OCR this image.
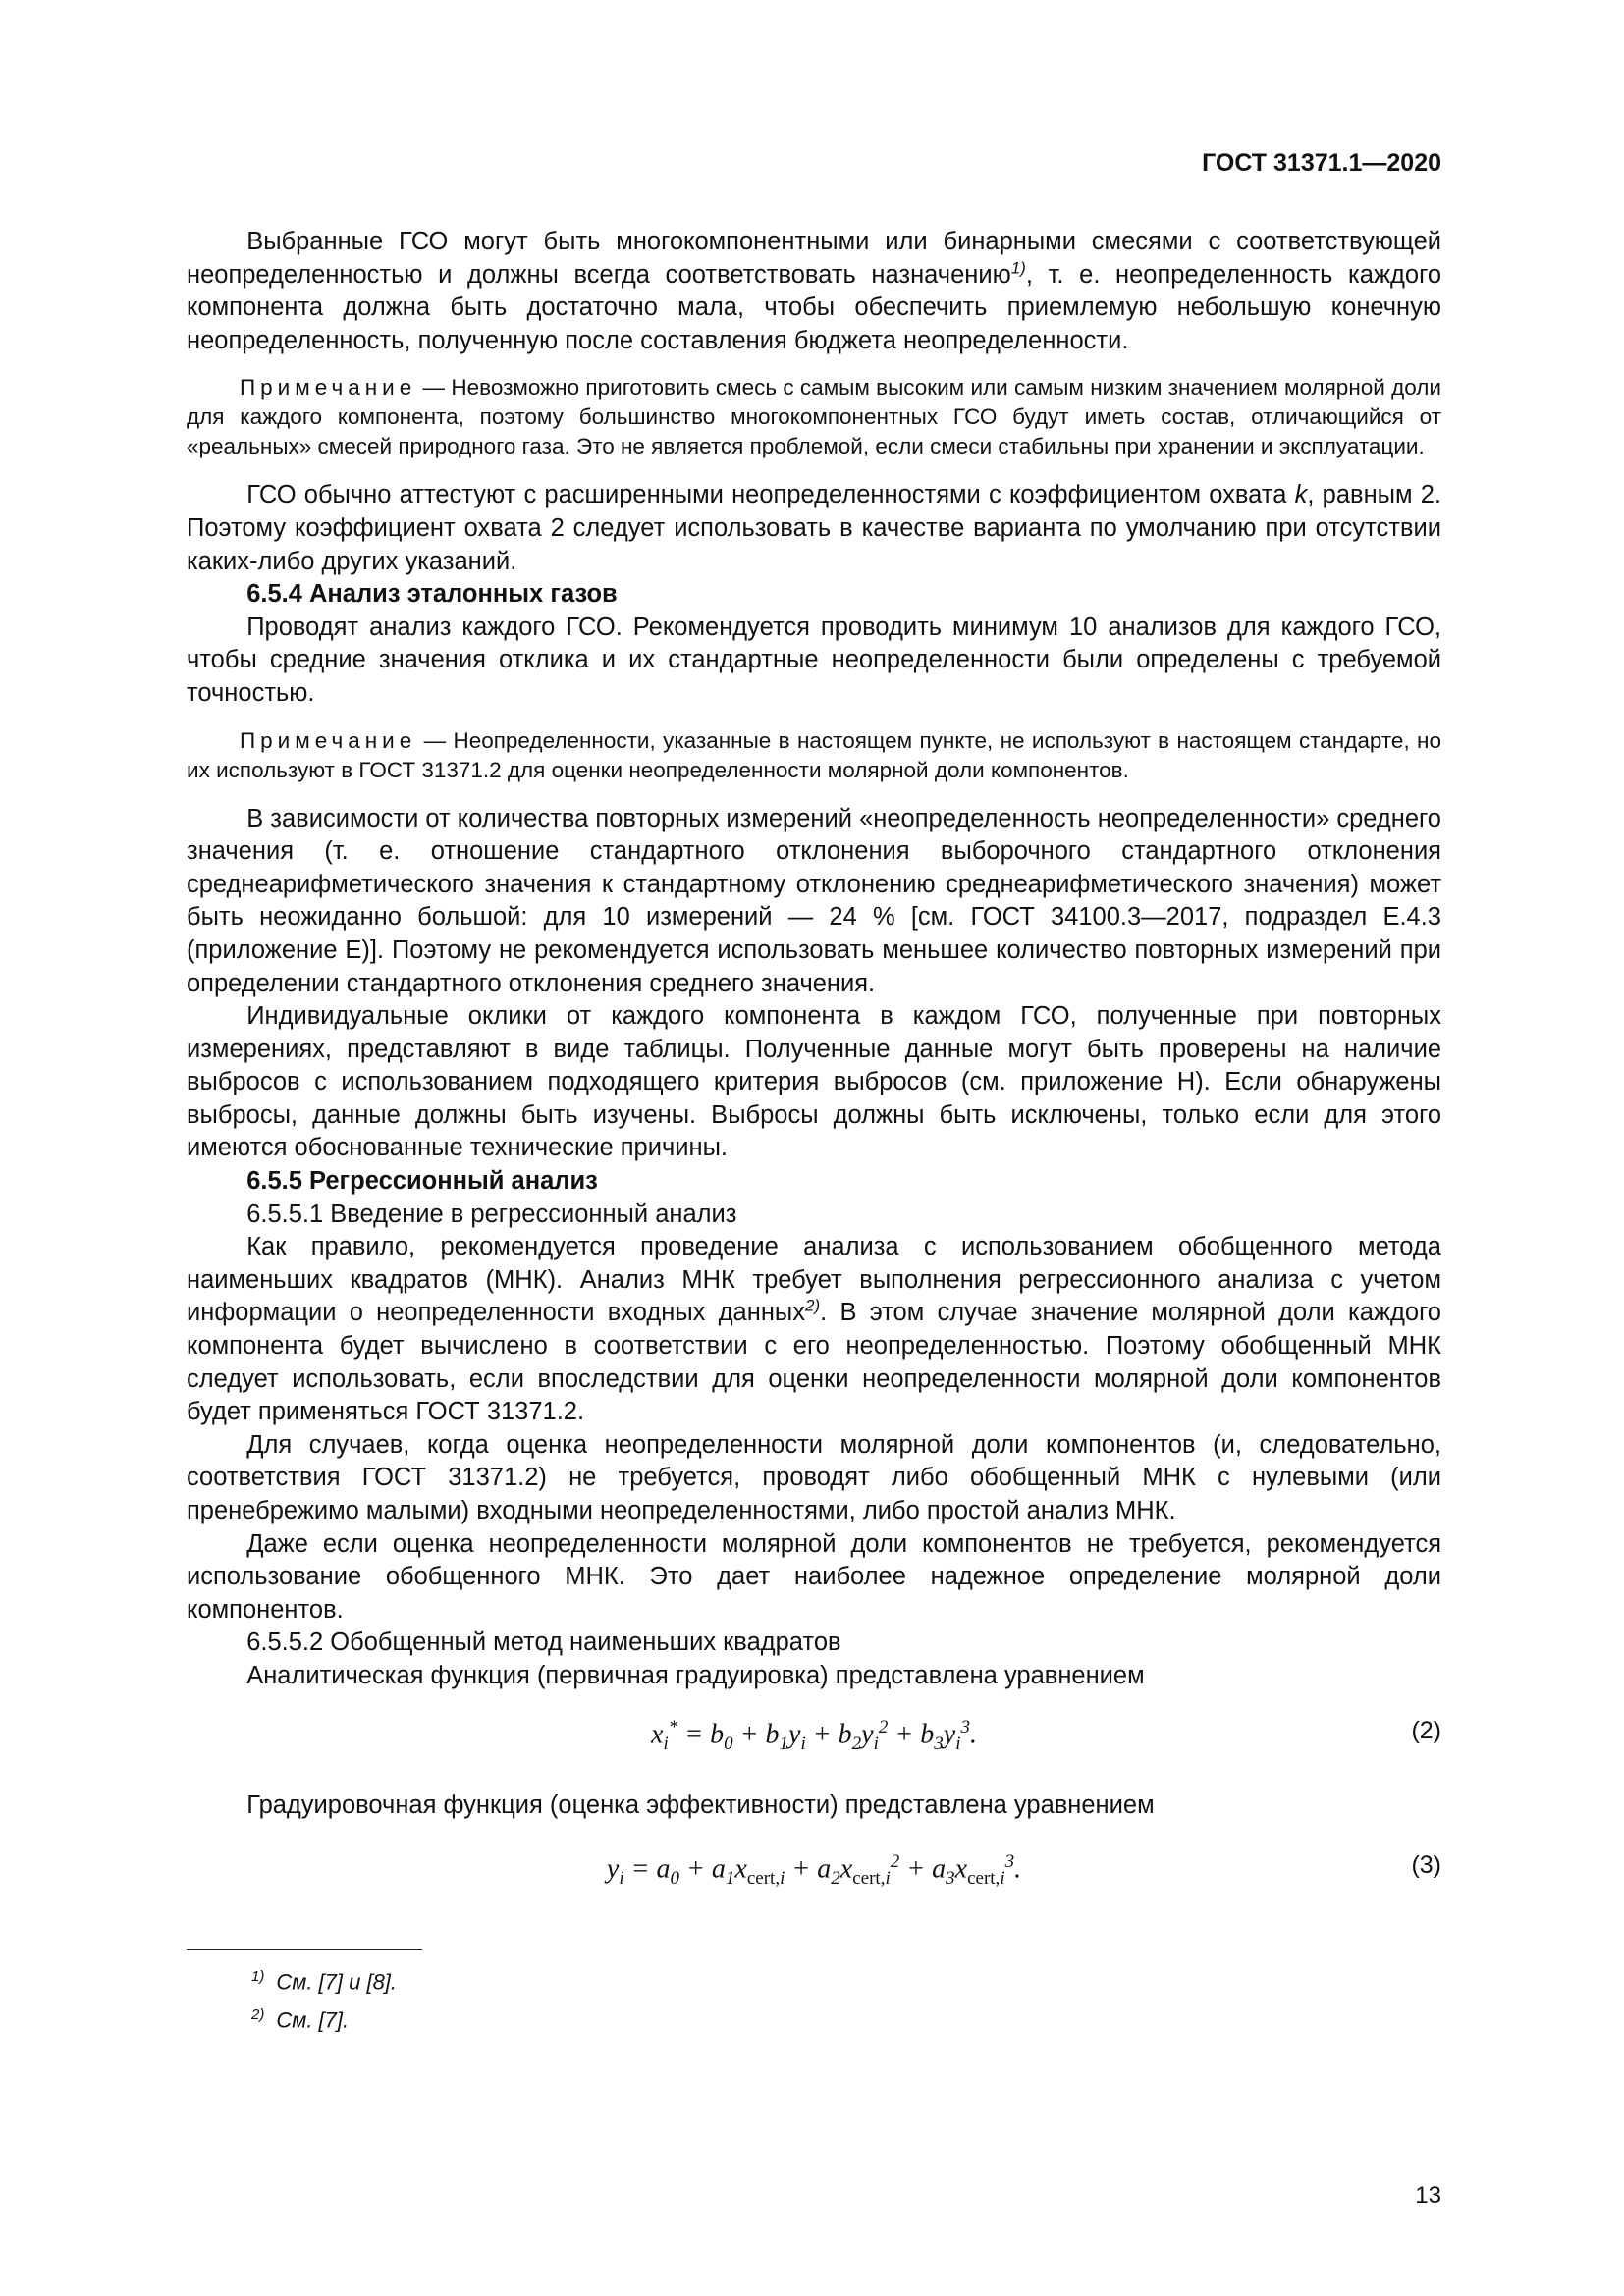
ГОСТ 31371.1—2020

Выбранные ГСО могут быть многокомпонентными или бинарными смесями с соответствующей неопределенностью и должны всегда соответствовать назначению$^{1)}$, т. е. неопределенность каждого компонента должна быть достаточно мала, чтобы обеспечить приемлемую небольшую конечную неопределенность, полученную после составления бюджета неопределенности.

Примечание — Невозможно приготовить смесь с самым высоким или самым низким значением молярной доли для каждого компонента, поэтому большинство многокомпонентных ГСО будут иметь состав, отличающийся от «реальных» смесей природного газа. Это не является проблемой, если смеси стабильны при хранении и эксплуатации.

ГСО обычно аттестуют с расширенными неопределенностями с коэффициентом охвата k, равным 2. Поэтому коэффициент охвата 2 следует использовать в качестве варианта по умолчанию при отсутствии каких-либо других указаний.

6.5.4 Анализ эталонных газов

Проводят анализ каждого ГСО. Рекомендуется проводить минимум 10 анализов для каждого ГСО, чтобы средние значения отклика и их стандартные неопределенности были определены с требуемой точностью.

Примечание — Неопределенности, указанные в настоящем пункте, не используют в настоящем стандарте, но их используют в ГОСТ 31371.2 для оценки неопределенности молярной доли компонентов.

В зависимости от количества повторных измерений «неопределенность неопределенности» среднего значения (т. е. отношение стандартного отклонения выборочного стандартного отклонения среднеарифметического значения к стандартному отклонению среднеарифметического значения) может быть неожиданно большой: для 10 измерений — 24 % [см. ГОСТ 34100.3—2017, подраздел Е.4.3 (приложение Е)]. Поэтому не рекомендуется использовать меньшее количество повторных измерений при определении стандартного отклонения среднего значения.

Индивидуальные оклики от каждого компонента в каждом ГСО, полученные при повторных измерениях, представляют в виде таблицы. Полученные данные могут быть проверены на наличие выбросов с использованием подходящего критерия выбросов (см. приложение Н). Если обнаружены выбросы, данные должны быть изучены. Выбросы должны быть исключены, только если для этого имеются обоснованные технические причины.

6.5.5 Регрессионный анализ

6.5.5.1 Введение в регрессионный анализ

Как правило, рекомендуется проведение анализа с использованием обобщенного метода наименьших квадратов (МНК). Анализ МНК требует выполнения регрессионного анализа с учетом информации о неопределенности входных данных$^{2)}$. В этом случае значение молярной доли каждого компонента будет вычислено в соответствии с его неопределенностью. Поэтому обобщенный МНК следует использовать, если впоследствии для оценки неопределенности молярной доли компонентов будет применяться ГОСТ 31371.2.

Для случаев, когда оценка неопределенности молярной доли компонентов (и, следовательно, соответствия ГОСТ 31371.2) не требуется, проводят либо обобщенный МНК с нулевыми (или пренебрежимо малыми) входными неопределенностями, либо простой анализ МНК.

Даже если оценка неопределенности молярной доли компонентов не требуется, рекомендуется использование обобщенного МНК. Это дает наиболее надежное определение молярной доли компонентов.

6.5.5.2 Обобщенный метод наименьших квадратов

Аналитическая функция (первичная градуировка) представлена уравнением

$x_i^* = b_0 + b_1y_i + b_2y_i^2 + b_3y_i^3$.	(2)

Градуировочная функция (оценка эффективности) представлена уравнением

$y_i = a_0 + a_1x_{cert,i} + a_2x_{cert,i}^2 + a_3x_{cert,i}^3$.	(3)
$^{1)}$ См. [7] и [8].
$^{2)}$ См. [7].
13
